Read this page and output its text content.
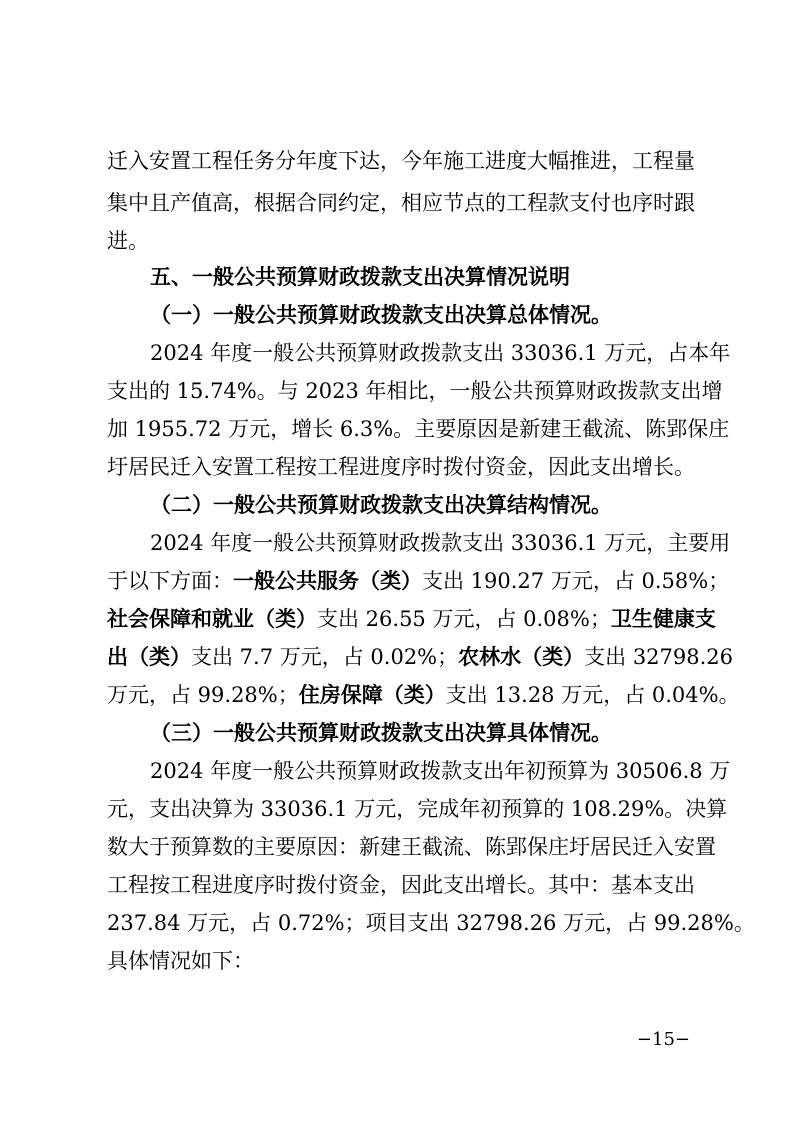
迁入安置工程任务分年度下达，今年施工进度大幅推进，工程量
集中且产值高，根据合同约定，相应节点的工程款支付也序时跟
进。
五、一般公共预算财政拨款支出决算情况说明
（一）一般公共预算财政拨款支出决算总体情况。
2024 年度一般公共预算财政拨款支出 33036.1 万元，占本年
支出的 15.74%。与 2023 年相比，一般公共预算财政拨款支出增
加 1955.72 万元，增长 6.3%。主要原因是新建王截流、陈郢保庄
圩居民迁入安置工程按工程进度序时拨付资金，因此支出增长。
（二）一般公共预算财政拨款支出决算结构情况。
2024 年度一般公共预算财政拨款支出 33036.1 万元，主要用
于以下方面：一般公共服务（类）支出 190.27 万元，占 0.58%；
社会保障和就业（类）支出 26.55 万元，占 0.08%；卫生健康支
出（类）支出 7.7 万元，占 0.02%；农林水（类）支出 32798.26
万元，占 99.28%；住房保障（类）支出 13.28 万元，占 0.04%。
（三）一般公共预算财政拨款支出决算具体情况。
2024 年度一般公共预算财政拨款支出年初预算为 30506.8 万
元，支出决算为 33036.1 万元，完成年初预算的 108.29%。决算
数大于预算数的主要原因：新建王截流、陈郢保庄圩居民迁入安置
工程按工程进度序时拨付资金，因此支出增长。其中：基本支出
237.84 万元，占 0.72%；项目支出 32798.26 万元，占 99.28%。
具体情况如下：
−15−
